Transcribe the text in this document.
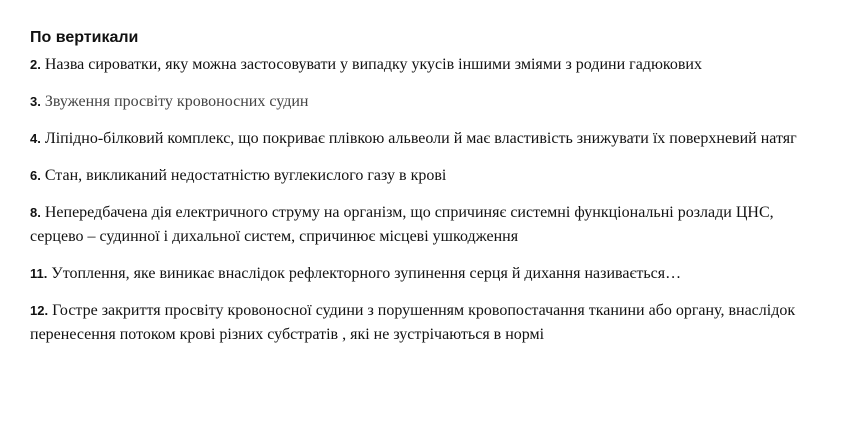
По вертикали
2. Назва сироватки, яку можна застосовувати у випадку укусів іншими зміями з родини гадюкових
3. Звуження просвіту кровоносних судин
4. Ліпідно-білковий комплекс, що покриває плівкою альвеоли й має властивість знижувати їх поверхневий натяг
6. Стан, викликаний недостатністю вуглекислого газу в крові
8. Непередбачена дія електричного струму на організм, що спричиняє системні функціональні розлади ЦНС, серцево – судинної і дихальної систем, спричинює місцеві ушкодження
11. Утоплення, яке виникає внаслідок рефлекторного зупинення серця й дихання називається…
12. Гостре закриття просвіту кровоносної судини з порушенням кровопостачання тканини або органу, внаслідок перенесення потоком крові різних субстратів , які не зустрічаються в нормі
